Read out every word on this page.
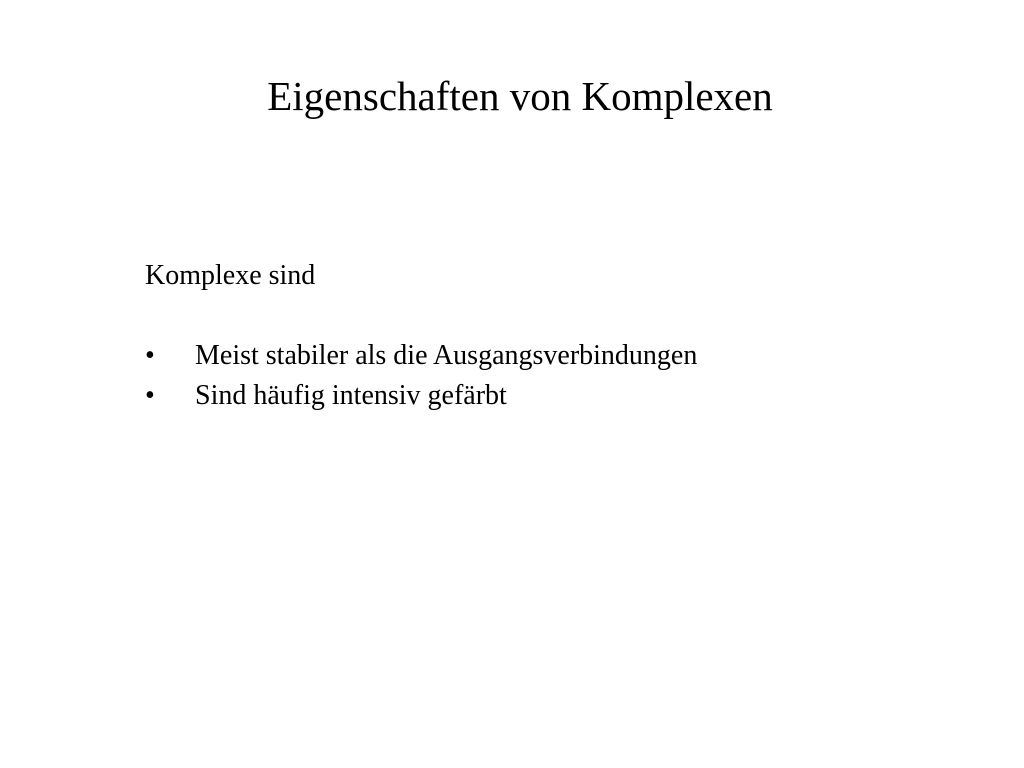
Eigenschaften von Komplexen

Komplexe sind

•	Meist stabiler als die Ausgangsverbindungen
•	Sind häufig intensiv gefärbt
